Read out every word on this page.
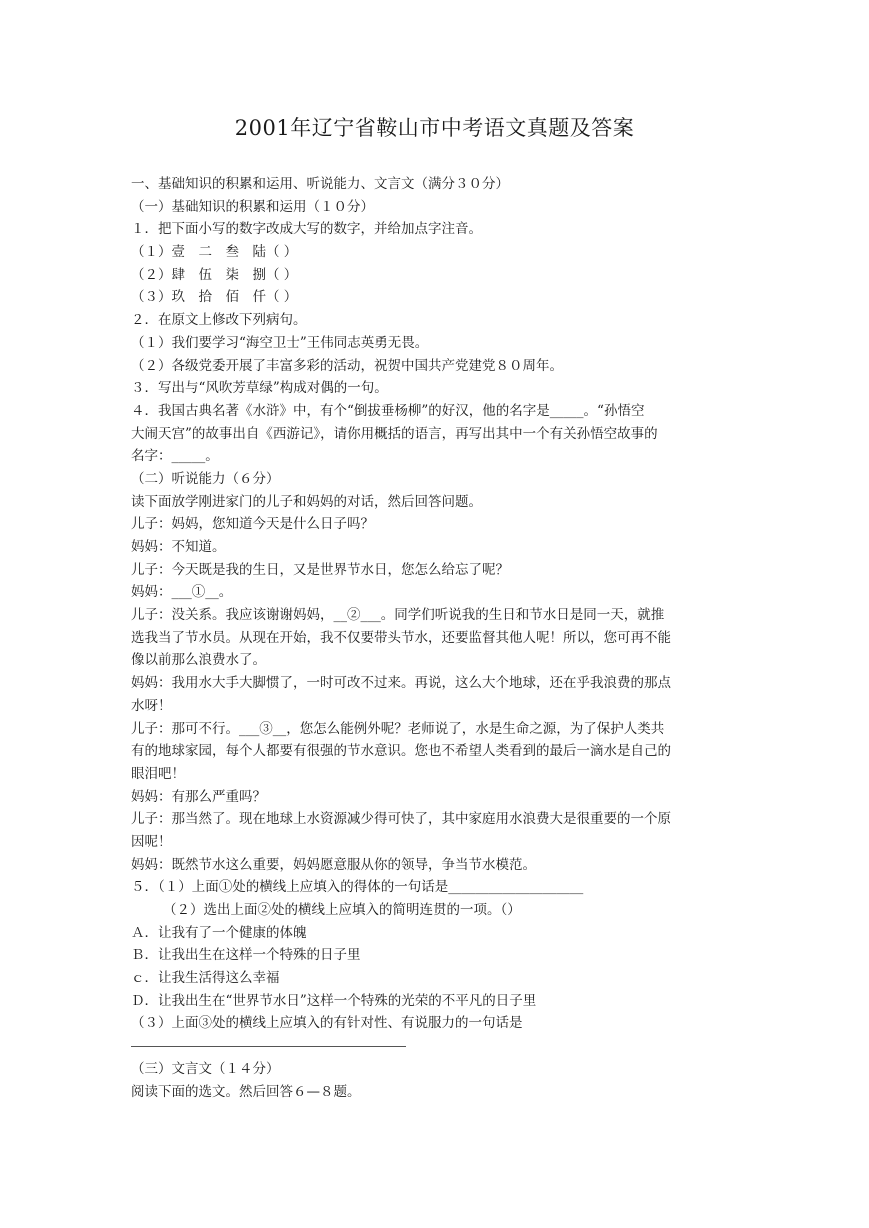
2001年辽宁省鞍山市中考语文真题及答案
一、基础知识的积累和运用、听说能力、文言文（满分３０分）
（一）基础知识的积累和运用（１０分）
１．把下面小写的数字改成大写的数字，并给加点字注音。
（１）壹　二　叁　陆（ ）
（２）肆　伍　柒　捌（ ）
（３）玖　拾　佰　仟（ ）
２．在原文上修改下列病句。
（１）我们要学习“海空卫士”王伟同志英勇无畏。
（２）各级党委开展了丰富多彩的活动，祝贺中国共产党建党８０周年。
３．写出与“风吹芳草绿”构成对偶的一句。
４．我国古典名著《水浒》中，有个“倒拔垂杨柳”的好汉，他的名字是_____。“孙悟空
大闹天宫”的故事出自《西游记》，请你用概括的语言，再写出其中一个有关孙悟空故事的
名字：_____。
（二）听说能力（６分）
读下面放学刚进家门的儿子和妈妈的对话，然后回答问题。
儿子：妈妈，您知道今天是什么日子吗？
妈妈：不知道。
儿子：今天既是我的生日，又是世界节水日，您怎么给忘了呢？
妈妈：___①__。
儿子：没关系。我应该谢谢妈妈，__②___。同学们听说我的生日和节水日是同一天，就推
选我当了节水员。从现在开始，我不仅要带头节水，还要监督其他人呢！所以，您可再不能
像以前那么浪费水了。
妈妈：我用水大手大脚惯了，一时可改不过来。再说，这么大个地球，还在乎我浪费的那点
水呀！
儿子：那可不行。___③__，您怎么能例外呢？老师说了，水是生命之源，为了保护人类共
有的地球家园，每个人都要有很强的节水意识。您也不希望人类看到的最后一滴水是自己的
眼泪吧！
妈妈：有那么严重吗？
儿子：那当然了。现在地球上水资源减少得可快了，其中家庭用水浪费大是很重要的一个原
因呢！
妈妈：既然节水这么重要，妈妈愿意服从你的领导，争当节水模范。
５．（１）上面①处的横线上应填入的得体的一句话是____________________
（２）选出上面②处的横线上应填入的简明连贯的一项。（）
Ａ．让我有了一个健康的体魄
Ｂ．让我出生在这样一个特殊的日子里
ｃ．让我生活得这么幸福
Ｄ．让我出生在“世界节水日”这样一个特殊的光荣的不平凡的日子里
（３）上面③处的横线上应填入的有针对性、有说服力的一句话是
（三）文言文（１４分）
阅读下面的选文。然后回答６—８题。
